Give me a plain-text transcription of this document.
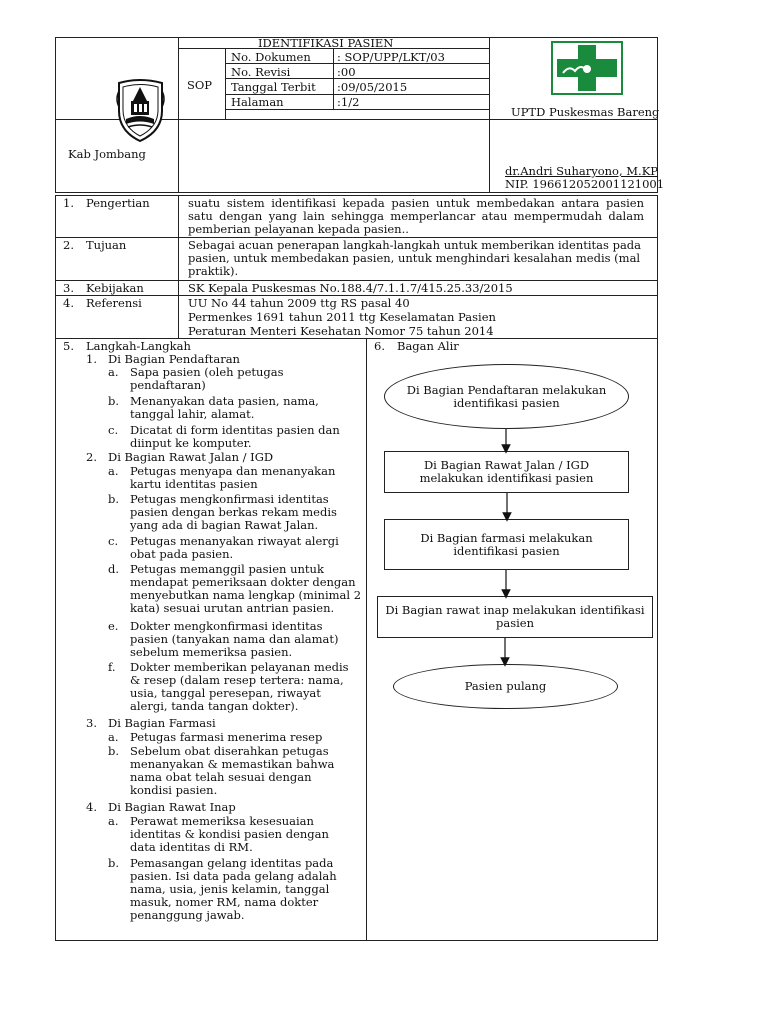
Kab Jombang
SOP
IDENTIFIKASI PASIEN
No. Dokumen : SOP/UPP/LKT/03
No. Revisi	:00
Tanggal Terbit :09/05/2015
Halaman	:1/2
UPTD Puskesmas Bareng
dr.Andri Suharyono, M.KP
NIP. 196612052001121001
1. Pengertian	suatu sistem identifikasi kepada pasien untuk membedakan antara pasien satu dengan yang lain sehingga memperlancar atau mempermudah dalam pemberian pelayanan kepada pasien..
2. Tujuan	Sebagai acuan penerapan langkah-langkah untuk memberikan identitas pada pasien, untuk membedakan pasien, untuk menghindari kesalahan medis (mal praktik).
3. Kebijakan	SK Kepala Puskesmas No.188.4/7.1.1.7/415.25.33/2015
4. Referensi	UU No 44 tahun 2009 ttg RS pasal 40
Permenkes 1691 tahun 2011 ttg Keselamatan Pasien
Peraturan Menteri Kesehatan Nomor 75 tahun 2014
5. Langkah-Langkah
1. Di Bagian Pendaftaran
a. Sapa pasien (oleh petugas pendaftaran)
b. Menanyakan data pasien, nama, tanggal lahir, alamat.
c. Dicatat di form identitas pasien dan diinput ke komputer.
2. Di Bagian Rawat Jalan / IGD
a. Petugas menyapa dan menanyakan kartu identitas pasien
b. Petugas mengkonfirmasi identitas pasien dengan berkas rekam medis yang ada di bagian Rawat Jalan.
c. Petugas menanyakan riwayat alergi obat pada pasien.
d. Petugas memanggil pasien untuk mendapat pemeriksaan dokter dengan menyebutkan nama lengkap (minimal 2 kata) sesuai urutan antrian pasien.
e. Dokter mengkonfirmasi identitas pasien (tanyakan nama dan alamat) sebelum memeriksa pasien.
f. Dokter memberikan pelayanan medis & resep (dalam resep tertera: nama, usia, tanggal peresepan, riwayat alergi, tanda tangan dokter).
3. Di Bagian Farmasi
a. Petugas farmasi menerima resep
b. Sebelum obat diserahkan petugas menanyakan & memastikan bahwa nama obat telah sesuai dengan kondisi pasien.
4. Di Bagian Rawat Inap
a. Perawat memeriksa kesesuaian identitas & kondisi pasien dengan data identitas di RM.
b. Pemasangan gelang identitas pada pasien. Isi data pada gelang adalah nama, usia, jenis kelamin, tanggal masuk, nomer RM, nama dokter penanggung jawab.
6. Bagan Alir
Di Bagian Pendaftaran melakukan identifikasi pasien
Di Bagian Rawat Jalan / IGD melakukan identifikasi pasien
Di Bagian farmasi melakukan identifikasi pasien
Di Bagian rawat inap melakukan identifikasi pasien
Pasien pulang
